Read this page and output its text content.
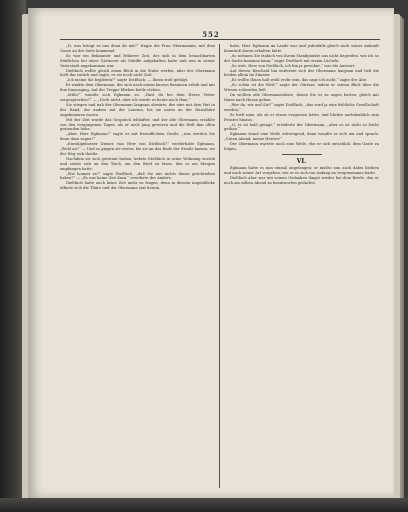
552

„D, was bringt er uns denn da mit?“ fragte die Frau Obermannin, mit dem Gasse an der Seite kommend.

Es war ein Bekannter und früherer Zeit, der sich in dem benachbarten Städtchen bei einer Gärtnerei als Gehilfe aufgehalten hatte und nun in seiner Vaterstadt angekommen war.

Dießfach wollte gleich einen Blick in die Stube werfen, aber der Obermann hielt ihn zurück und sagte, es sei noch nicht Zeit.

„Ich meine Sie begleiten?“ sagte Dießfach. — Ihnen stolt gefolgt.

Er winkte dem Obermann, der sich nach einem kurzen Besinnen erhob und mit ihm hinausging. Auf der Treppe blieben beide stehen.

„Stille!“ wandte sich Eglmann zu. „Hast du bei dem Herrn Vetter vorgesprochen?“ — „Noch nicht, aber ich werde es heute noch thun.“

Sie stiegen und nah der Obermann langsam abwärts; der eine mit dem Hut in der Hand, der andere mit der Laterne, bis sie unten an der Hausthüre angekommen waren.

Mit der Zeit wurde das Gespräch lebhafter, und der alte Obermann erzählte von den vergangenen Tagen, als er noch jung gewesen und die Welt ihm offen gestanden habe.

„Aber, Herr Eglmann!“ sagte er mit freundlichem Gruße, „was werden Sie denn dazu sagen?“

„Eiwohlgeborner Diener, was Herr von Dießfach?“ wiederholte Eglmann. „Wohl an?“ — Und so gingen sie weiter, bis sie an das Ende der Straße kamen, wo der Weg sich theilte.

Nachdem sie sich getrennt hatten, kehrte Dießfach in seine Wohnung zurück und setzte sich an den Tisch, um den Brief zu lesen, den er am Morgen empfangen hatte.

„Wie kommt es?“ sagte Dießfach, „daß Sie mir nichts davon geschrieben haben?“ — „Es war keine Zeit dazu,“ erwiderte der Andere.

Dießfach hatte auch keine Zeit mehr zu fragen; denn in diesem Augenblicke öffnete sich die Thüre und der Obermann trat herein.

habe, Herr Eglmann im Lande war und jedenfalls gleich nach seiner Ankunft Kenntniß davon erhalten hätte.

„So nehmen Sie einfach von Ihrem Standpunkte aus nicht begreifen, wie ich so der Sache kommen kann,“ sagte Dießfach mit einem Lächeln.

„So weit, Herr von Dießfach, ich bin ja gewohnt,“ war die Antwort.

Auf diesen Bescheid hin entfernte sich der Obermann langsam und ließ die beiden allein im Zimmer.

„Es wollte Ihnen halt wohl recht sein, das sage ich nicht,“ sagte der Alte.

„So schön ist die Welt!“ sagte der Gärtner, indem er seinen Blick über die Wiesen schweifen ließ.

Da wollten alle Obermannsleute, denen Sie es zu sagen hatten, gleich mit Ihnen nach Hause gehen.

„Wer da, wir und Sie?“ sagte Dießfach; „das wird ja eine fröhliche Gesellschaft werden.“

Er hielt inne, als ob er etwas vergessen hätte, und blickte nachdenklich zum Fenster hinaus.

„O, es ist bald gesagt,“ erwiderte der Obermann, „aber es ist nicht so leicht gethan.“

Eglmann stand eine Weile schweigend, dann wandte er sich um und sprach: „Guten Abend, meine Herren!“

Der Obermann wartete noch eine Weile, ehe er sich entschloß, dem Gaste zu folgen.

VI.

Eglmann hatte es nun einmal angefangen; er mußte nun auch dabei bleiben und nach seiner Art vorgehen, wie er es sich von Anfang an vorgenommen hatte.

Dießfach aber war mit seinen Gedanken längst wieder bei dem Briefe, den er noch am selben Abend zu beantworten gedachte.
